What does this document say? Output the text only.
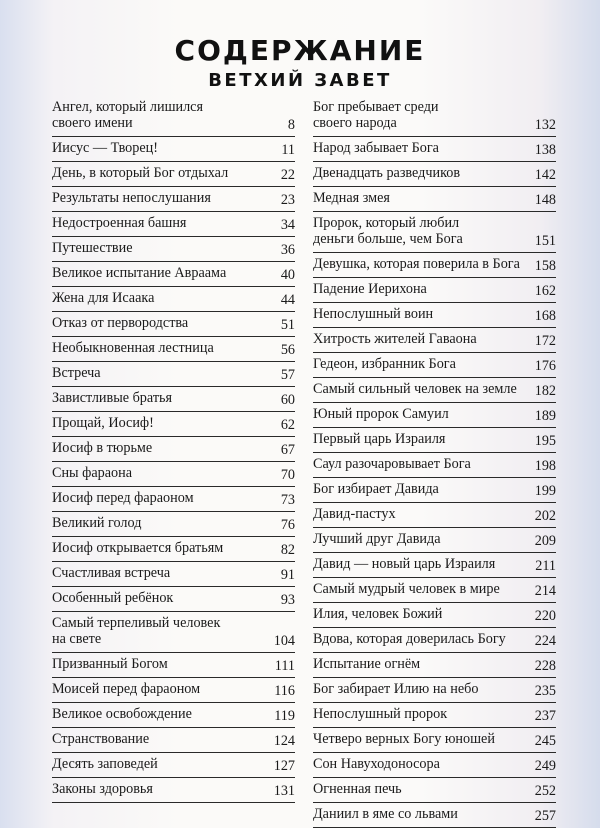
СОДЕРЖАНИЕ
ВЕТХИЙ ЗАВЕТ
Ангел, который лишился
своего имени	8
Иисус — Творец!	11
День, в который Бог отдыхал	22
Результаты непослушания	23
Недостроенная башня	34
Путешествие	36
Великое испытание Авраама	40
Жена для Исаака	44
Отказ от первородства	51
Необыкновенная лестница	56
Встреча	57
Завистливые братья	60
Прощай, Иосиф!	62
Иосиф в тюрьме	67
Сны фараона	70
Иосиф перед фараоном	73
Великий голод	76
Иосиф открывается братьям	82
Счастливая встреча	91
Особенный ребёнок	93
Самый терпеливый человек
на свете	104
Призванный Богом	111
Моисей перед фараоном	116
Великое освобождение	119
Странствование	124
Десять заповедей	127
Законы здоровья	131
Бог пребывает среди
своего народа	132
Народ забывает Бога	138
Двенадцать разведчиков	142
Медная змея	148
Пророк, который любил
деньги больше, чем Бога	151
Девушка, которая поверила в Бога	158
Падение Иерихона	162
Непослушный воин	168
Хитрость жителей Гаваона	172
Гедеон, избранник Бога	176
Самый сильный человек на земле	182
Юный пророк Самуил	189
Первый царь Израиля	195
Саул разочаровывает Бога	198
Бог избирает Давида	199
Давид-пастух	202
Лучший друг Давида	209
Давид — новый царь Израиля	211
Самый мудрый человек в мире	214
Илия, человек Божий	220
Вдова, которая доверилась Богу	224
Испытание огнём	228
Бог забирает Илию на небо	235
Непослушный пророк	237
Четверо верных Богу юношей	245
Сон Навуходоносора	249
Огненная печь	252
Даниил в яме со львами	257
